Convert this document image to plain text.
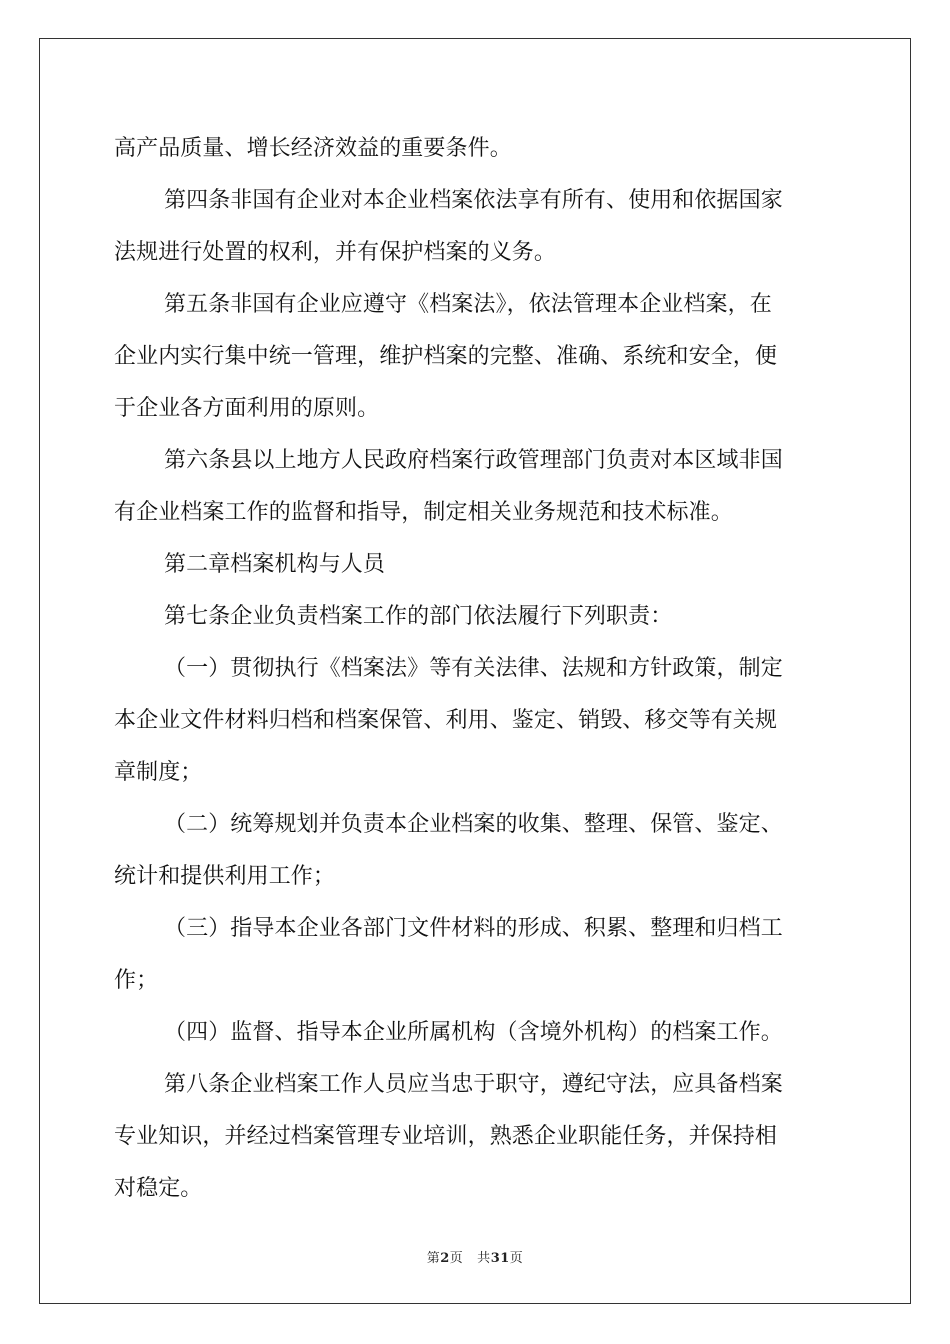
高产品质量、增长经济效益的重要条件。
第四条非国有企业对本企业档案依法享有所有、使用和依据国家
法规进行处置的权利，并有保护档案的义务。
第五条非国有企业应遵守《档案法》，依法管理本企业档案，在
企业内实行集中统一管理，维护档案的完整、准确、系统和安全，便
于企业各方面利用的原则。
第六条县以上地方人民政府档案行政管理部门负责对本区域非国
有企业档案工作的监督和指导，制定相关业务规范和技术标准。
第二章档案机构与人员
第七条企业负责档案工作的部门依法履行下列职责：
（一）贯彻执行《档案法》等有关法律、法规和方针政策，制定
本企业文件材料归档和档案保管、利用、鉴定、销毁、移交等有关规
章制度；
（二）统筹规划并负责本企业档案的收集、整理、保管、鉴定、
统计和提供利用工作；
（三）指导本企业各部门文件材料的形成、积累、整理和归档工
作；
（四）监督、指导本企业所属机构（含境外机构）的档案工作。
第八条企业档案工作人员应当忠于职守，遵纪守法，应具备档案
专业知识，并经过档案管理专业培训，熟悉企业职能任务，并保持相
对稳定。
第2页 共31页
